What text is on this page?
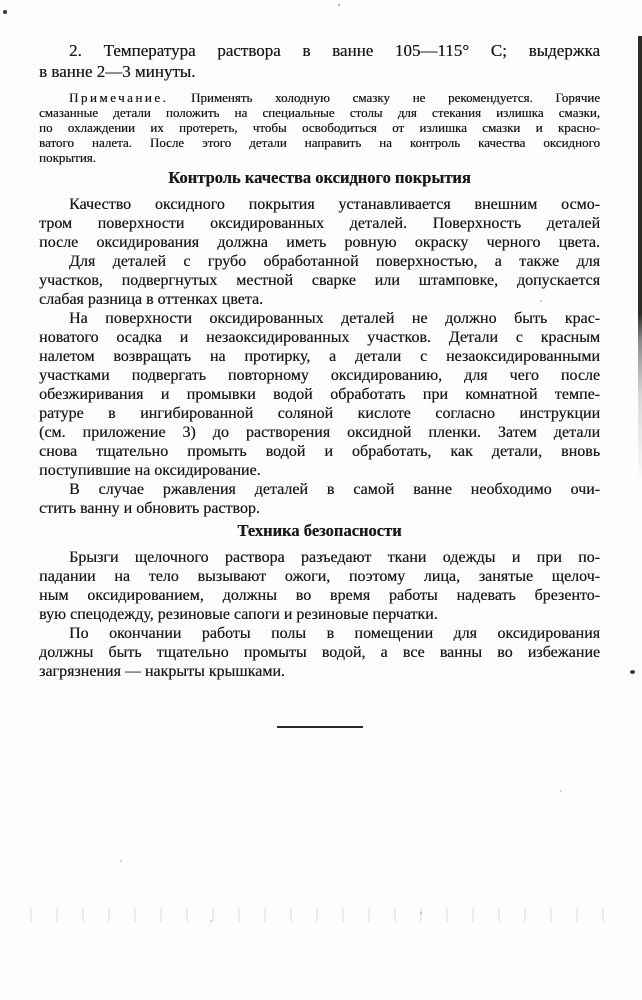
2. Температура раствора в ванне 105—115° С; выдержка
в ванне 2—3 минуты.
Примечание. Применять холодную смазку не рекомендуется. Горячие
смазанные детали положить на специальные столы для стекания излишка смазки,
по охлаждении их протереть, чтобы освободиться от излишка смазки и красно-
ватого налета. После этого детали направить на контроль качества оксидного
покрытия.
Контроль качества оксидного покрытия
Качество оксидного покрытия устанавливается внешним осмо-
тром поверхности оксидированных деталей. Поверхность деталей
после оксидирования должна иметь ровную окраску черного цвета.
Для деталей с грубо обработанной поверхностью, а также для
участков, подвергнутых местной сварке или штамповке, допускается
слабая разница в оттенках цвета.
На поверхности оксидированных деталей не должно быть крас-
новатого осадка и незаоксидированных участков. Детали с красным
налетом возвращать на протирку, а детали с незаоксидированными
участками подвергать повторному оксидированию, для чего после
обезжиривания и промывки водой обработать при комнатной темпе-
ратуре в ингибированной соляной кислоте согласно инструкции
(см. приложение 3) до растворения оксидной пленки. Затем детали
снова тщательно промыть водой и обработать, как детали, вновь
поступившие на оксидирование.
В случае ржавления деталей в самой ванне необходимо очи-
стить ванну и обновить раствор.
Техника безопасности
Брызги щелочного раствора разъедают ткани одежды и при по-
падании на тело вызывают ожоги, поэтому лица, занятые щелоч-
ным оксидированием, должны во время работы надевать брезенто-
вую спецодежду, резиновые сапоги и резиновые перчатки.
По окончании работы полы в помещении для оксидирования
должны быть тщательно промыты водой, а все ванны во избежание
загрязнения — накрыты крышками.
